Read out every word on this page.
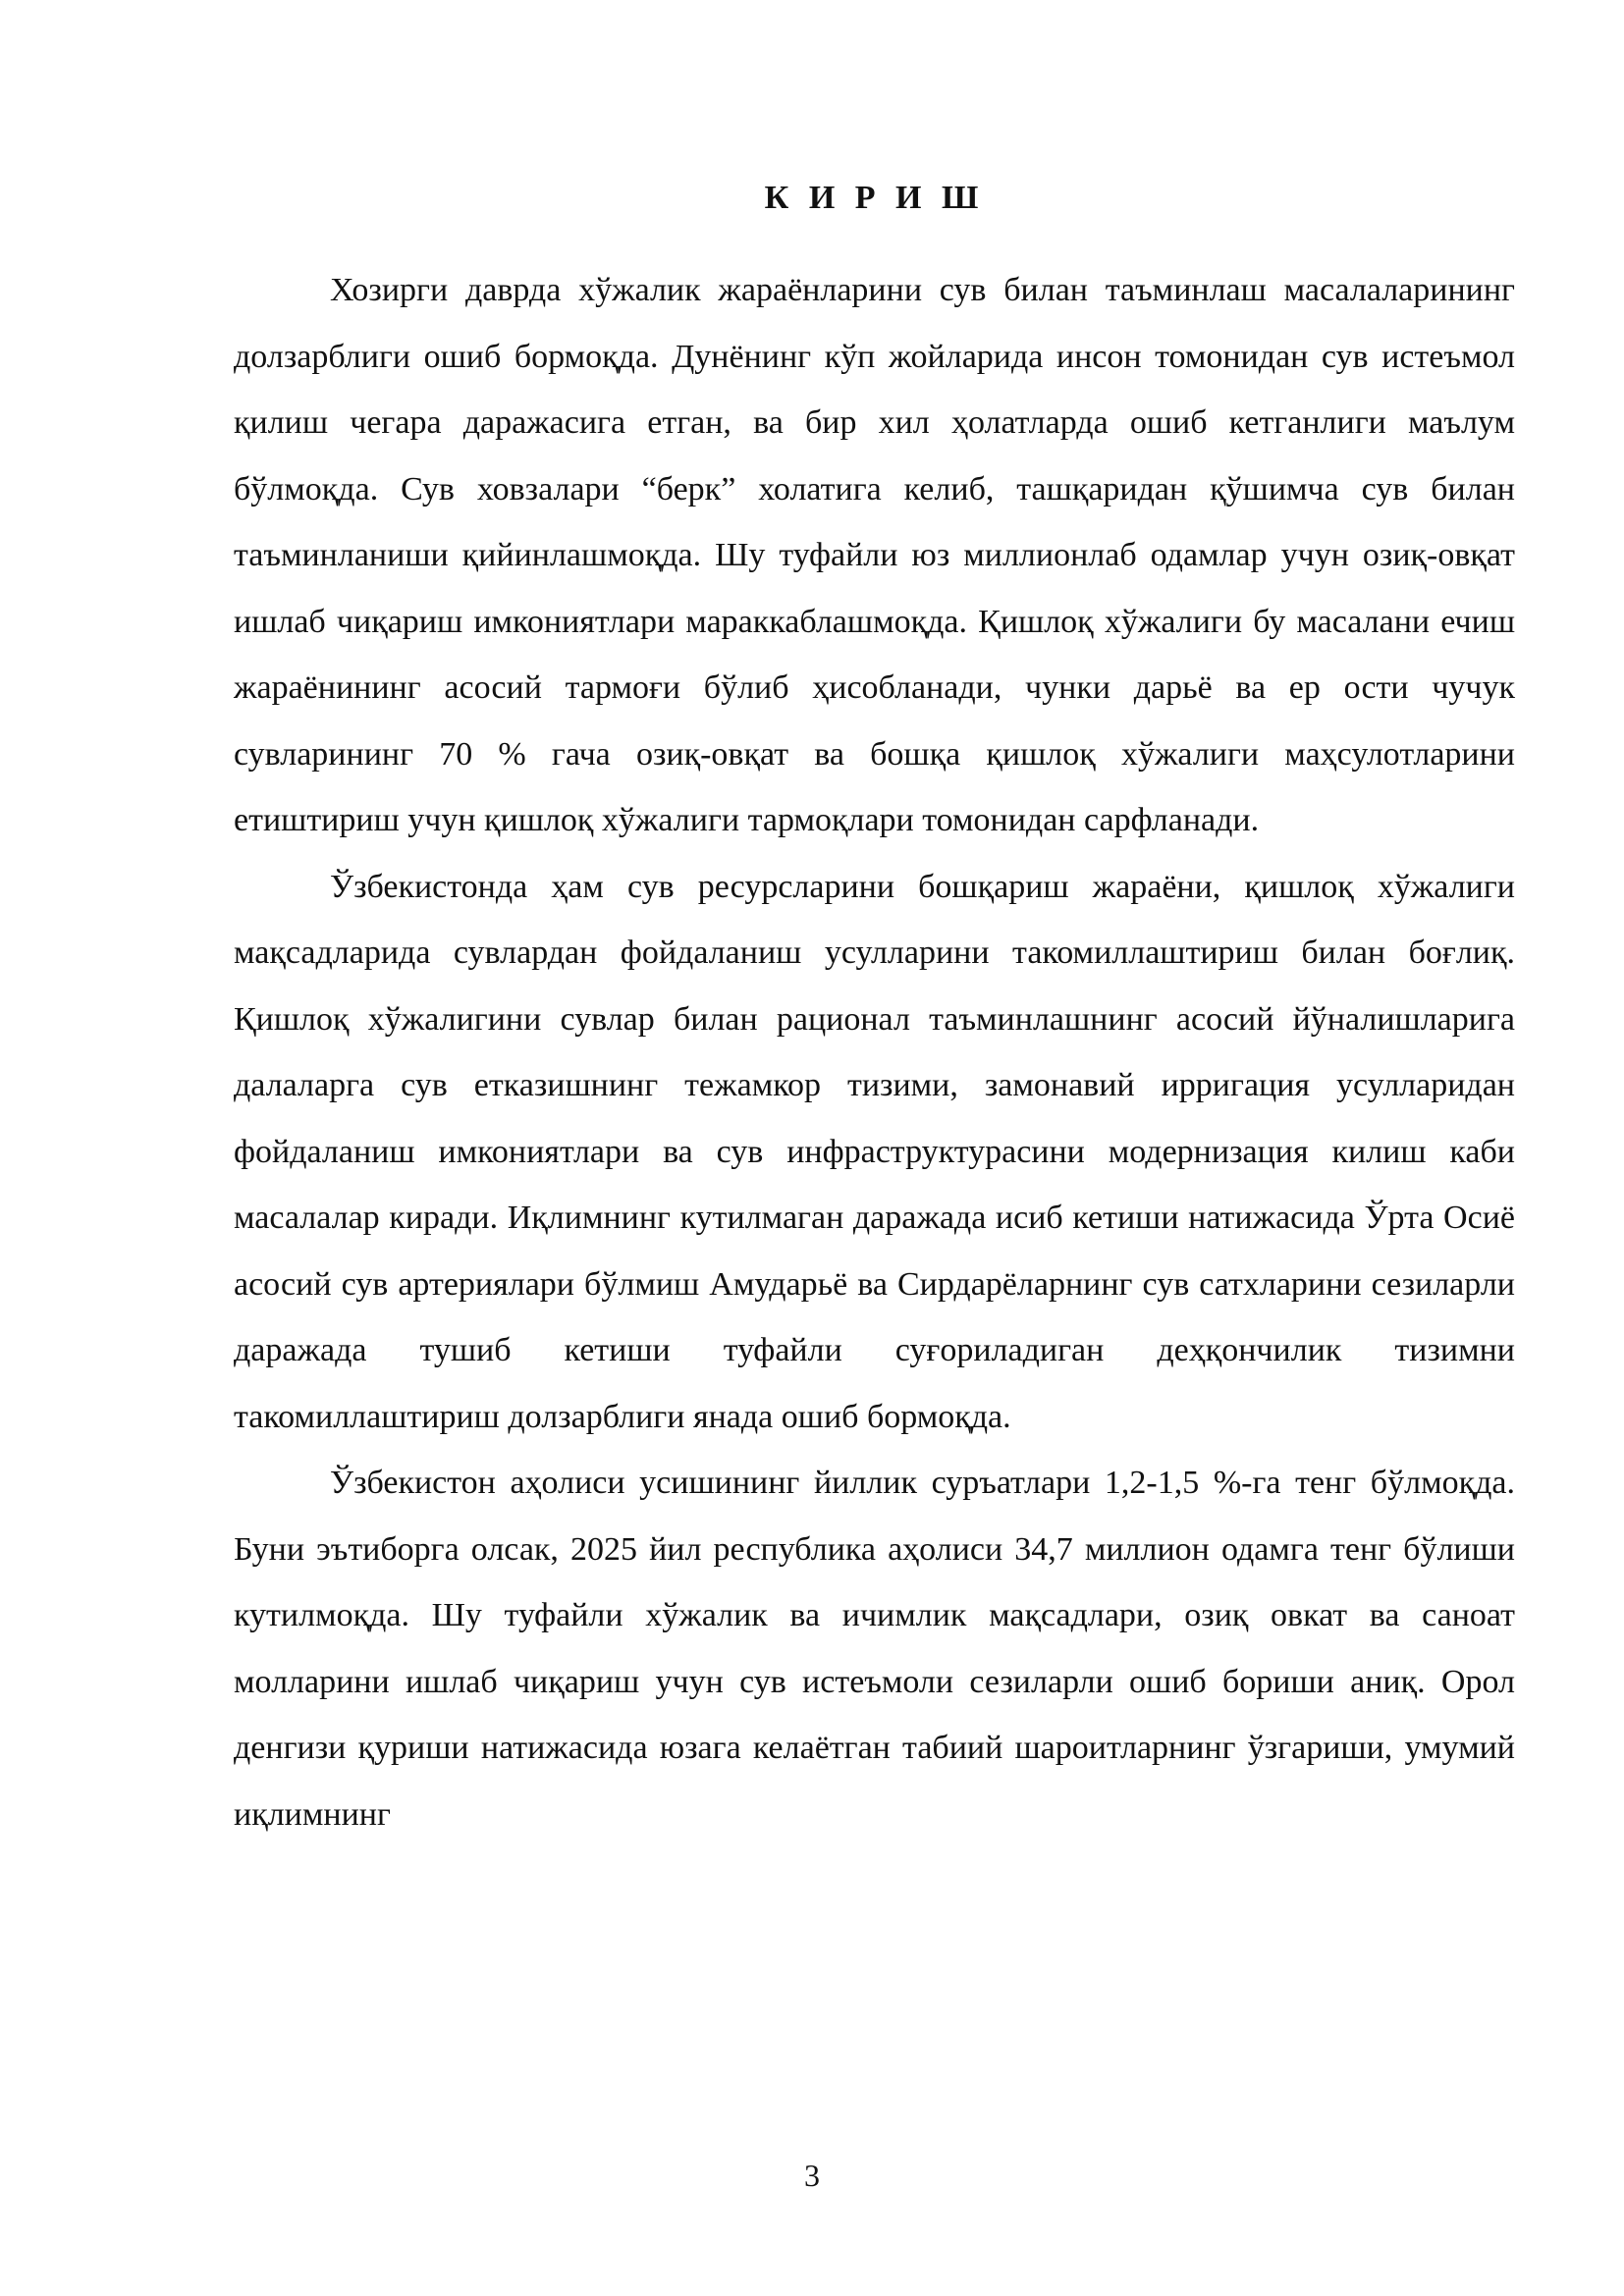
К И Р И Ш

Хозирги даврда хўжалик жараёнларини сув билан таъминлаш масалаларининг долзарблиги ошиб бормоқда. Дунёнинг кўп жойларида инсон томонидан сув истеъмол қилиш чегара даражасига етган, ва бир хил ҳолатларда ошиб кетганлиги маълум бўлмоқда. Сув ховзалари “берк” холатига келиб, ташқаридан қўшимча сув билан таъминланиши қийинлашмоқда. Шу туфайли юз миллионлаб одамлар учун озиқ-овқат ишлаб чиқариш имкониятлари мараккаблашмоқда. Қишлоқ хўжалиги бу масалани ечиш жараёнининг асосий тармоғи бўлиб ҳисобланади, чунки дарьё ва ер ости чучук сувларининг 70 % гача озиқ-овқат ва бошқа қишлоқ хўжалиги маҳсулотларини етиштириш учун қишлоқ хўжалиги тармоқлари томонидан сарфланади.

Ўзбекистонда ҳам сув ресурсларини бошқариш жараёни, қишлоқ хўжалиги мақсадларида сувлардан фойдаланиш усулларини такомиллаштириш билан боғлиқ. Қишлоқ хўжалигини сувлар билан рационал таъминлашнинг асосий йўналишларига далаларга сув етказишнинг тежамкор тизими, замонавий ирригация усулларидан фойдаланиш имкониятлари ва сув инфраструктурасини модернизация килиш каби масалалар киради. Иқлимнинг кутилмаган даражада исиб кетиши натижасида Ўрта Осиё асосий сув артериялари бўлмиш Амударьё ва Сирдарёларнинг сув сатхларини сезиларли даражада тушиб кетиши туфайли суғориладиган деҳқончилик тизимни такомиллаштириш долзарблиги янада ошиб бормоқда.

Ўзбекистон аҳолиси усишининг йиллик суръатлари 1,2-1,5 %-га тенг бўлмоқда. Буни эътиборга олсак, 2025 йил республика аҳолиси 34,7 миллион одамга тенг бўлиши кутилмоқда. Шу туфайли хўжалик ва ичимлик мақсадлари, озиқ овкат ва саноат молларини ишлаб чиқариш учун сув истеъмоли сезиларли ошиб бориши аниқ. Орол денгизи қуриши натижасида юзага келаётган табиий шароитларнинг ўзгариши, умумий иқлимнинг

3
